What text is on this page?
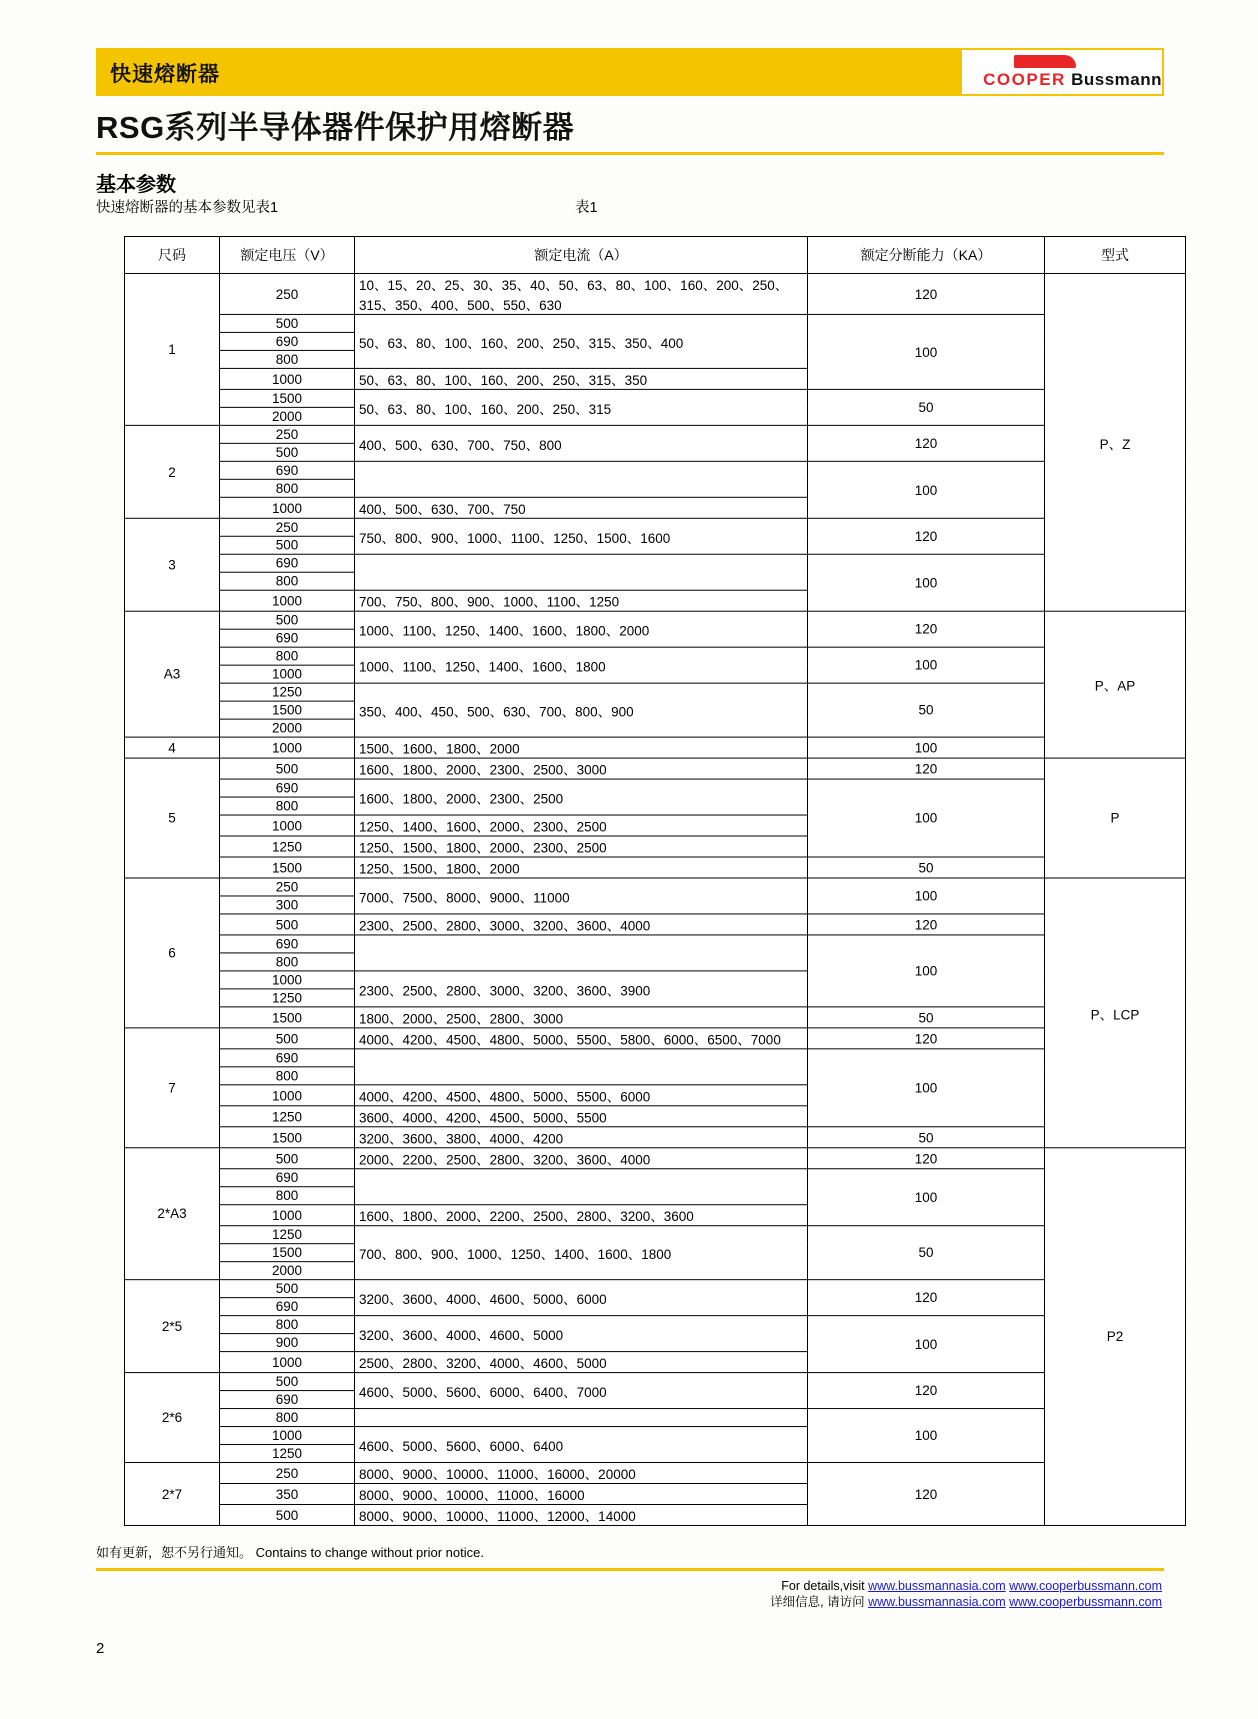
快速熔断器	COOPER Bussmann
RSG系列半导体器件保护用熔断器
基本参数
快速熔断器的基本参数见表1	表1
尺码	额定电压（V）	额定电流（A）	额定分断能力（KA）	型式
1	250	10、15、20、25、30、35、40、50、63、80、100、160、200、250、315、350、400、500、550、630	120	P、Z
	500	50、63、80、100、160、200、250、315、350、400	100	
	690			
	800			
	1000	50、63、80、100、160、200、250、315、350		
	1500	50、63、80、100、160、200、250、315	50	
	2000			
2	250	400、500、630、700、750、800	120	
	500			
	690		100	
	800			
	1000	400、500、630、700、750		
3	250	750、800、900、1000、1100、1250、1500、1600	120	
	500			
	690		100	
	800			
	1000	700、750、800、900、1000、1100、1250		
A3	500	1000、1100、1250、1400、1600、1800、2000	120	P、AP
	690			
	800	1000、1100、1250、1400、1600、1800	100	
	1000			
	1250	350、400、450、500、630、700、800、900	50	
	1500			
	2000			
4	1000	1500、1600、1800、2000	100	
5	500	1600、1800、2000、2300、2500、3000	120	P
	690	1600、1800、2000、2300、2500	100	
	800			
	1000	1250、1400、1600、2000、2300、2500		
	1250	1250、1500、1800、2000、2300、2500		
	1500	1250、1500、1800、2000	50	
6	250	7000、7500、8000、9000、11000	100	P、LCP
	300			
	500	2300、2500、2800、3000、3200、3600、4000	120	
	690		100	
	800			
	1000	2300、2500、2800、3000、3200、3600、3900		
	1250			
	1500	1800、2000、2500、2800、3000	50	
7	500	4000、4200、4500、4800、5000、5500、5800、6000、6500、7000	120	
	690		100	
	800			
	1000	4000、4200、4500、4800、5000、5500、6000		
	1250	3600、4000、4200、4500、5000、5500		
	1500	3200、3600、3800、4000、4200	50	
2*A3	500	2000、2200、2500、2800、3200、3600、4000	120	P2
	690		100	
	800			
	1000	1600、1800、2000、2200、2500、2800、3200、3600		
	1250	700、800、900、1000、1250、1400、1600、1800	50	
	1500			
	2000			
2*5	500	3200、3600、4000、4600、5000、6000	120	
	690			
	800	3200、3600、4000、4600、5000	100	
	900			
	1000	2500、2800、3200、4000、4600、5000		
2*6	500	4600、5000、5600、6000、6400、7000	120	
	690			
	800		100	
	1000	4600、5000、5600、6000、6400		
	1250			
2*7	250	8000、9000、10000、11000、16000、20000	120	
	350	8000、9000、10000、11000、16000		
	500	8000、9000、10000、11000、12000、14000		
如有更新，恕不另行通知。 Contains to change without prior notice.
For details,visit www.bussmannasia.com www.cooperbussmann.com
详细信息, 请访问 www.bussmannasia.com www.cooperbussmann.com
2
